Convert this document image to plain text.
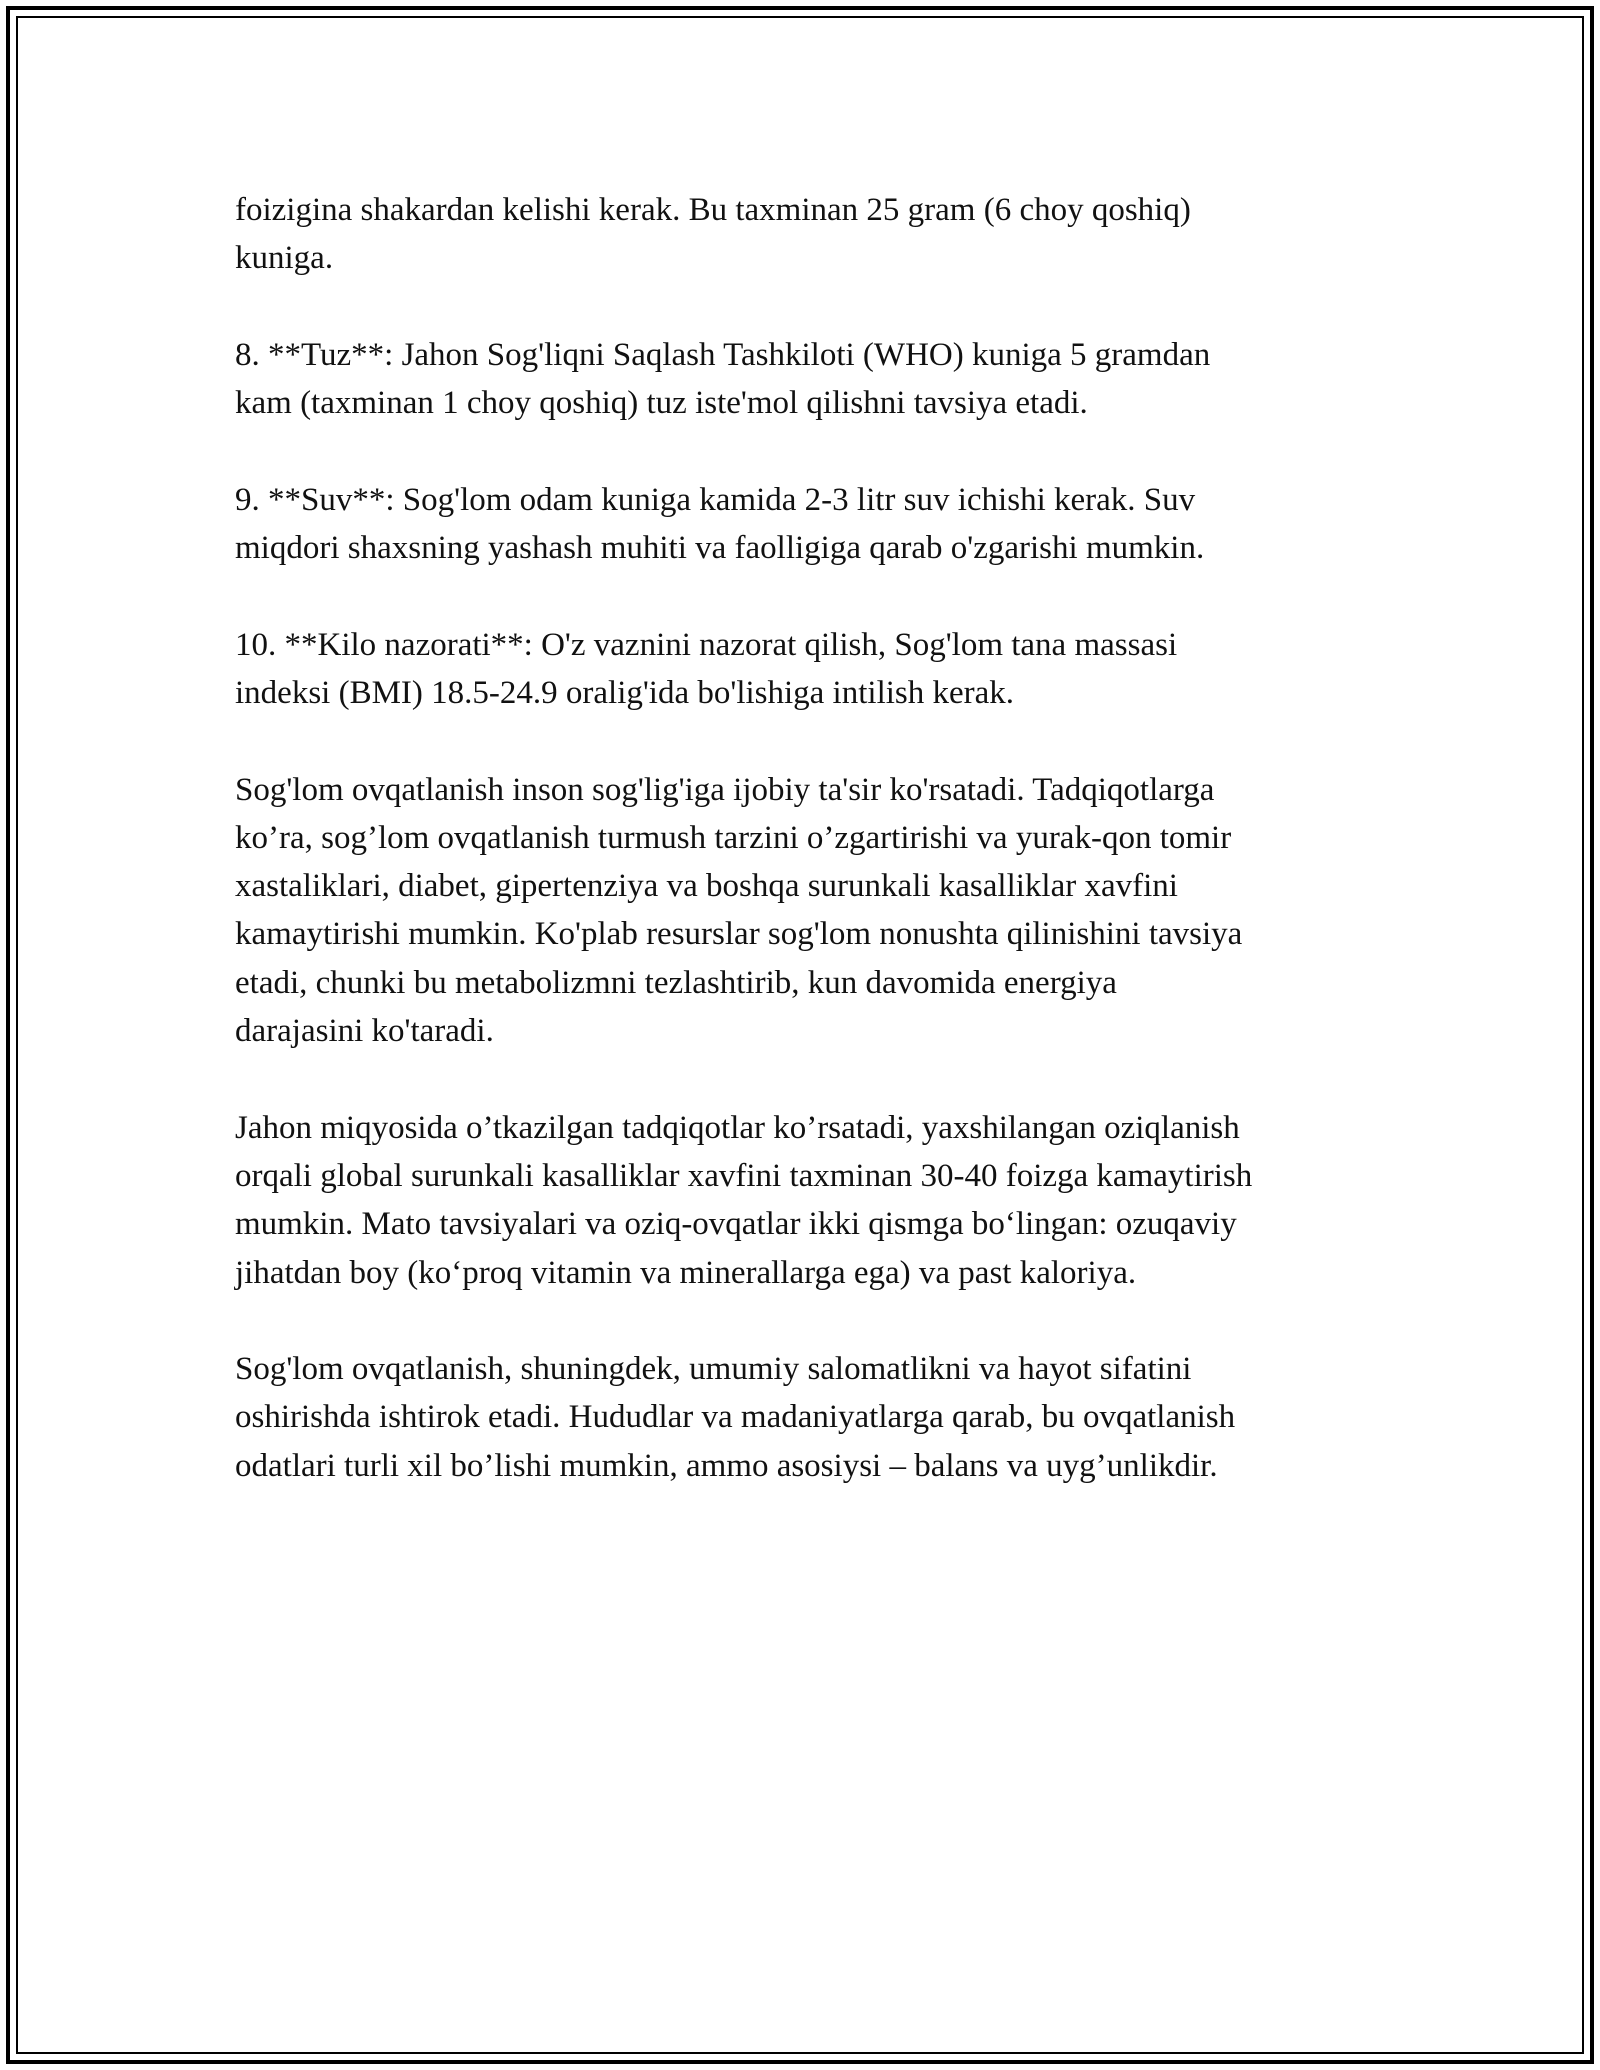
foizigina shakardan kelishi kerak. Bu taxminan 25 gram (6 choy qoshiq)
kuniga.

8. **Tuz**: Jahon Sog'liqni Saqlash Tashkiloti (WHO) kuniga 5 gramdan
kam (taxminan 1 choy qoshiq) tuz iste'mol qilishni tavsiya etadi.

9. **Suv**: Sog'lom odam kuniga kamida 2-3 litr suv ichishi kerak. Suv
miqdori shaxsning yashash muhiti va faolligiga qarab o'zgarishi mumkin.

10. **Kilo nazorati**: O'z vaznini nazorat qilish, Sog'lom tana massasi
indeksi (BMI) 18.5-24.9 oralig'ida bo'lishiga intilish kerak.

Sog'lom ovqatlanish inson sog'lig'iga ijobiy ta'sir ko'rsatadi. Tadqiqotlarga
ko’ra, sog’lom ovqatlanish turmush tarzini o’zgartirishi va yurak-qon tomir
xastaliklari, diabet, gipertenziya va boshqa surunkali kasalliklar xavfini
kamaytirishi mumkin. Ko'plab resurslar sog'lom nonushta qilinishini tavsiya
etadi, chunki bu metabolizmni tezlashtirib, kun davomida energiya
darajasini ko'taradi.

Jahon miqyosida o’tkazilgan tadqiqotlar ko’rsatadi, yaxshilangan oziqlanish
orqali global surunkali kasalliklar xavfini taxminan 30-40 foizga kamaytirish
mumkin. Mato tavsiyalari va oziq-ovqatlar ikki qismga bo‘lingan: ozuqaviy
jihatdan boy (ko‘proq vitamin va minerallarga ega) va past kaloriya.

Sog'lom ovqatlanish, shuningdek, umumiy salomatlikni va hayot sifatini
oshirishda ishtirok etadi. Hududlar va madaniyatlarga qarab, bu ovqatlanish
odatlari turli xil bo’lishi mumkin, ammo asosiysi – balans va uyg’unlikdir.
